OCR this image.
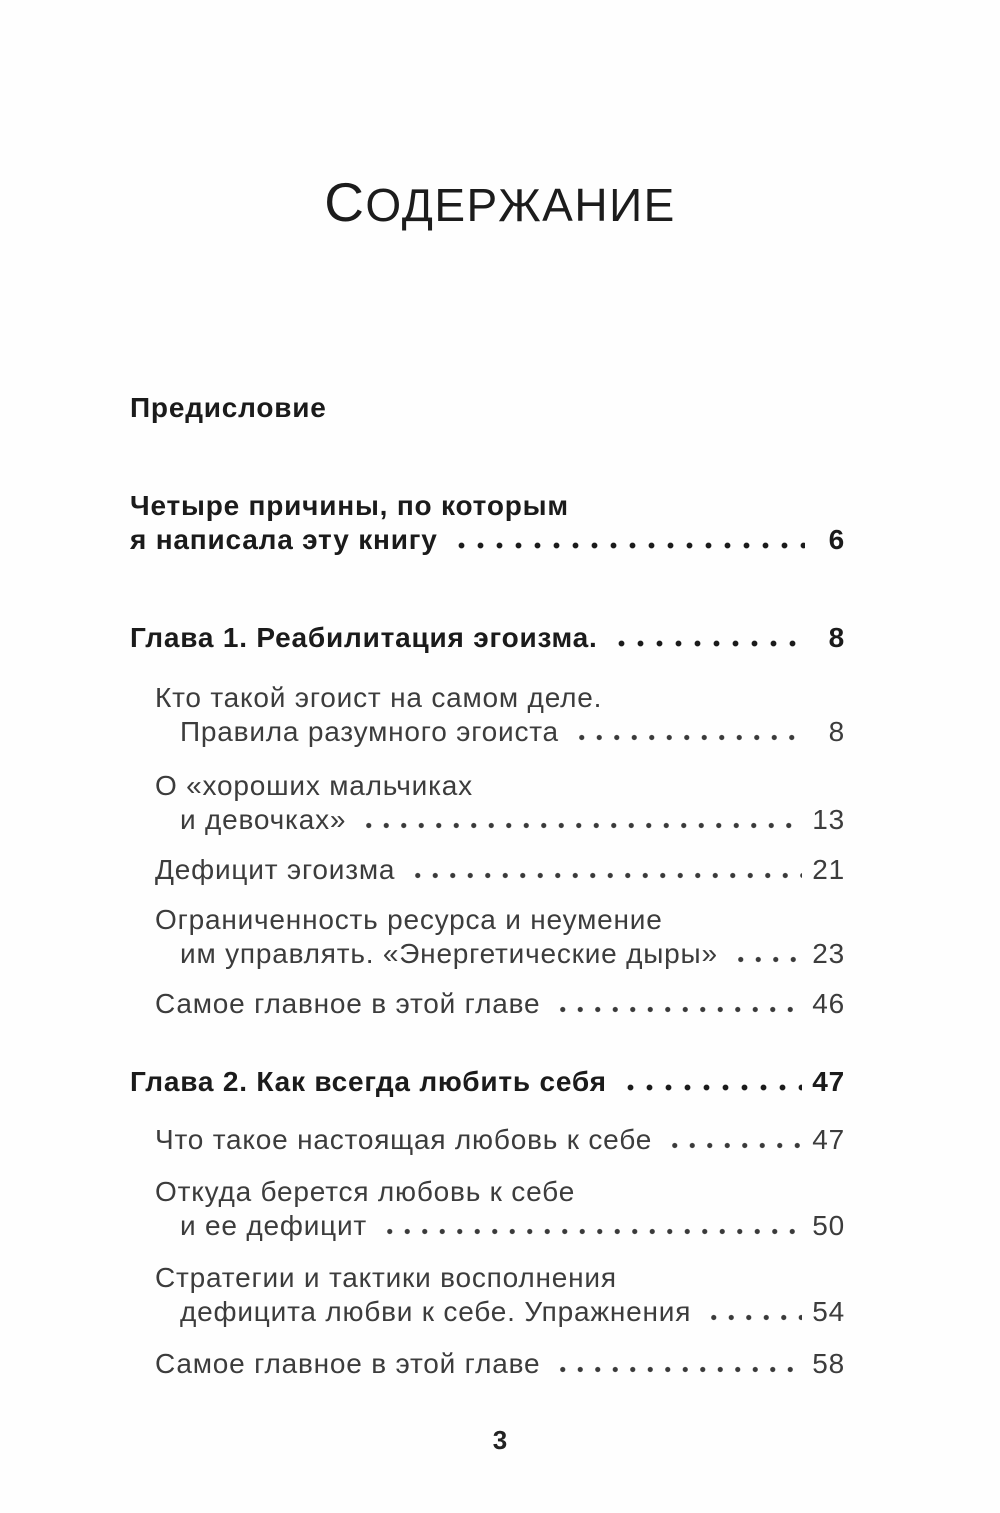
СОДЕРЖАНИЕ
Предисловие
Четыре причины, по которым
я написала эту книгу	6
Глава 1. Реабилитация эгоизма.	8
Кто такой эгоист на самом деле.
Правила разумного эгоиста	8
О «хороших мальчиках
и девочках»	13
Дефицит эгоизма	21
Ограниченность ресурса и неумение
им управлять. «Энергетические дыры»	23
Самое главное в этой главе	46
Глава 2. Как всегда любить себя	47
Что такое настоящая любовь к себе	47
Откуда берется любовь к себе
и ее дефицит	50
Стратегии и тактики восполнения
дефицита любви к себе. Упражнения	54
Самое главное в этой главе	58
3
